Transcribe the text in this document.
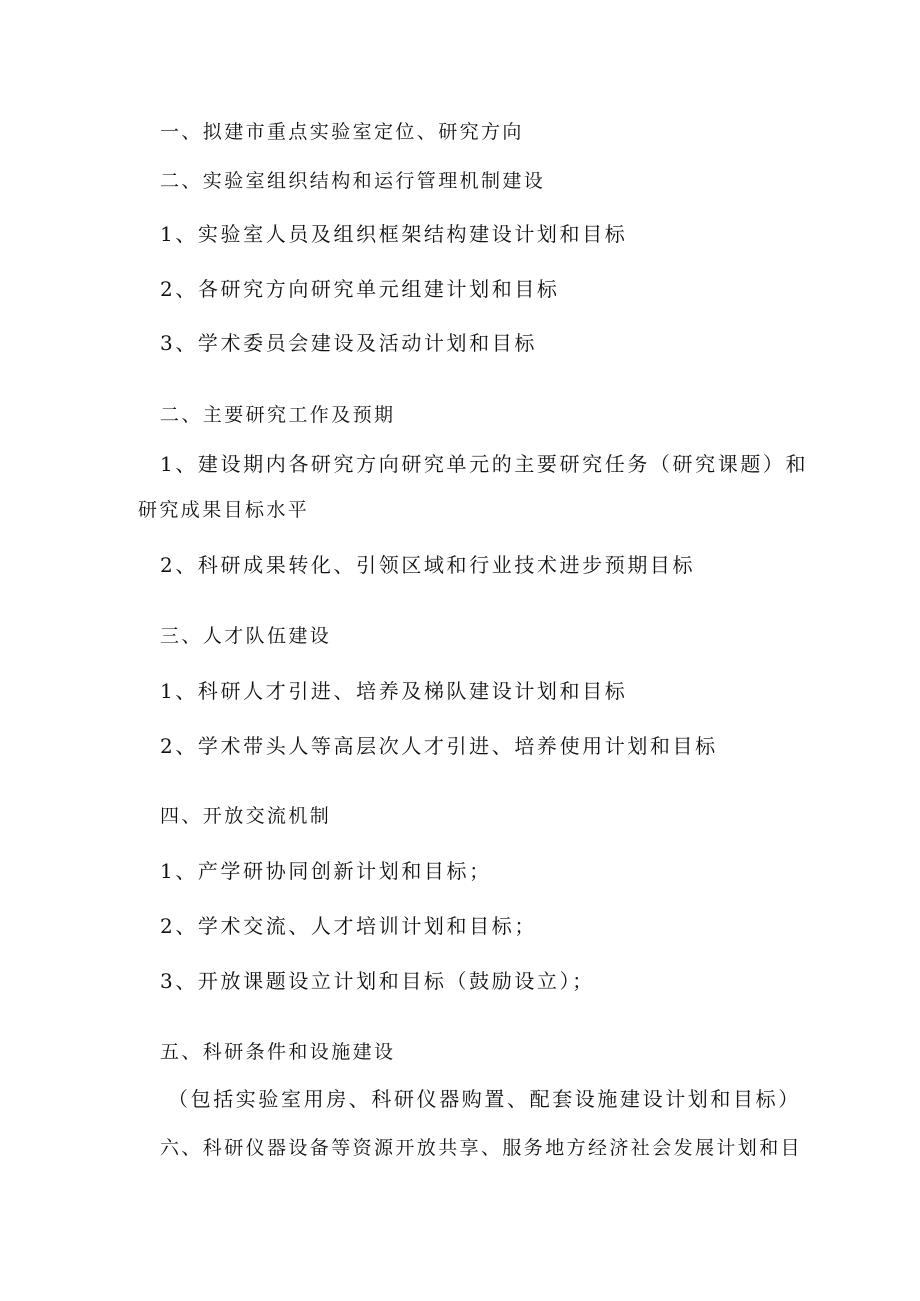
一、拟建市重点实验室定位、研究方向
二、实验室组织结构和运行管理机制建设
1、实验室人员及组织框架结构建设计划和目标
2、各研究方向研究单元组建计划和目标
3、学术委员会建设及活动计划和目标
二、主要研究工作及预期
1、建设期内各研究方向研究单元的主要研究任务（研究课题）和
研究成果目标水平
2、科研成果转化、引领区域和行业技术进步预期目标
三、人才队伍建设
1、科研人才引进、培养及梯队建设计划和目标
2、学术带头人等高层次人才引进、培养使用计划和目标
四、开放交流机制
1、产学研协同创新计划和目标；
2、学术交流、人才培训计划和目标；
3、开放课题设立计划和目标（鼓励设立）；
五、科研条件和设施建设
（包括实验室用房、科研仪器购置、配套设施建设计划和目标）
六、科研仪器设备等资源开放共享、服务地方经济社会发展计划和目
